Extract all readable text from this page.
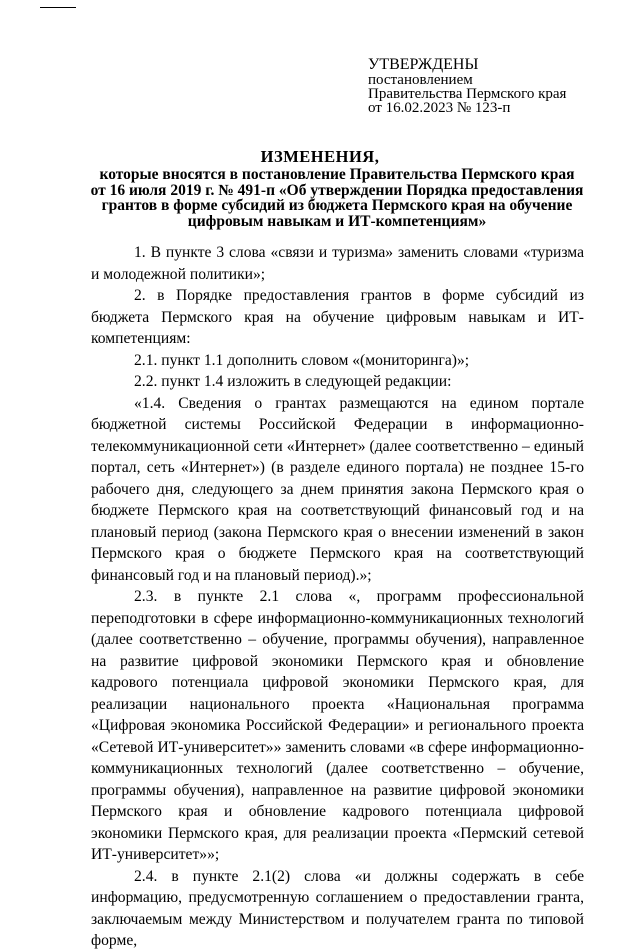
УТВЕРЖДЕНЫ
постановлением
Правительства Пермского края
от 16.02.2023 № 123-п
ИЗМЕНЕНИЯ,
которые вносятся в постановление Правительства Пермского края от 16 июля 2019 г. № 491-п «Об утверждении Порядка предоставления грантов в форме субсидий из бюджета Пермского края на обучение цифровым навыкам и ИТ-компетенциям»

1. В пункте 3 слова «связи и туризма» заменить словами «туризма и молодежной политики»;

2. в Порядке предоставления грантов в форме субсидий из бюджета Пермского края на обучение цифровым навыкам и ИТ-компетенциям:

2.1. пункт 1.1 дополнить словом «(мониторинга)»;

2.2. пункт 1.4 изложить в следующей редакции:

«1.4. Сведения о грантах размещаются на едином портале бюджетной системы Российской Федерации в информационно-телекоммуникационной сети «Интернет» (далее соответственно – единый портал, сеть «Интернет») (в разделе единого портала) не позднее 15-го рабочего дня, следующего за днем принятия закона Пермского края о бюджете Пермского края на соответствующий финансовый год и на плановый период (закона Пермского края о внесении изменений в закон Пермского края о бюджете Пермского края на соответствующий финансовый год и на плановый период).»;

2.3. в пункте 2.1 слова «, программ профессиональной переподготовки в сфере информационно-коммуникационных технологий (далее соответственно – обучение, программы обучения), направленное на развитие цифровой экономики Пермского края и обновление кадрового потенциала цифровой экономики Пермского края, для реализации национального проекта «Национальная программа «Цифровая экономика Российской Федерации» и регионального проекта «Сетевой ИТ-университет»» заменить словами «в сфере информационно-коммуникационных технологий (далее соответственно – обучение, программы обучения), направленное на развитие цифровой экономики Пермского края и обновление кадрового потенциала цифровой экономики Пермского края, для реализации проекта «Пермский сетевой ИТ-университет»»;

2.4. в пункте 2.1(2) слова «и должны содержать в себе информацию, предусмотренную соглашением о предоставлении гранта, заключаемым между Министерством и получателем гранта по типовой форме,
